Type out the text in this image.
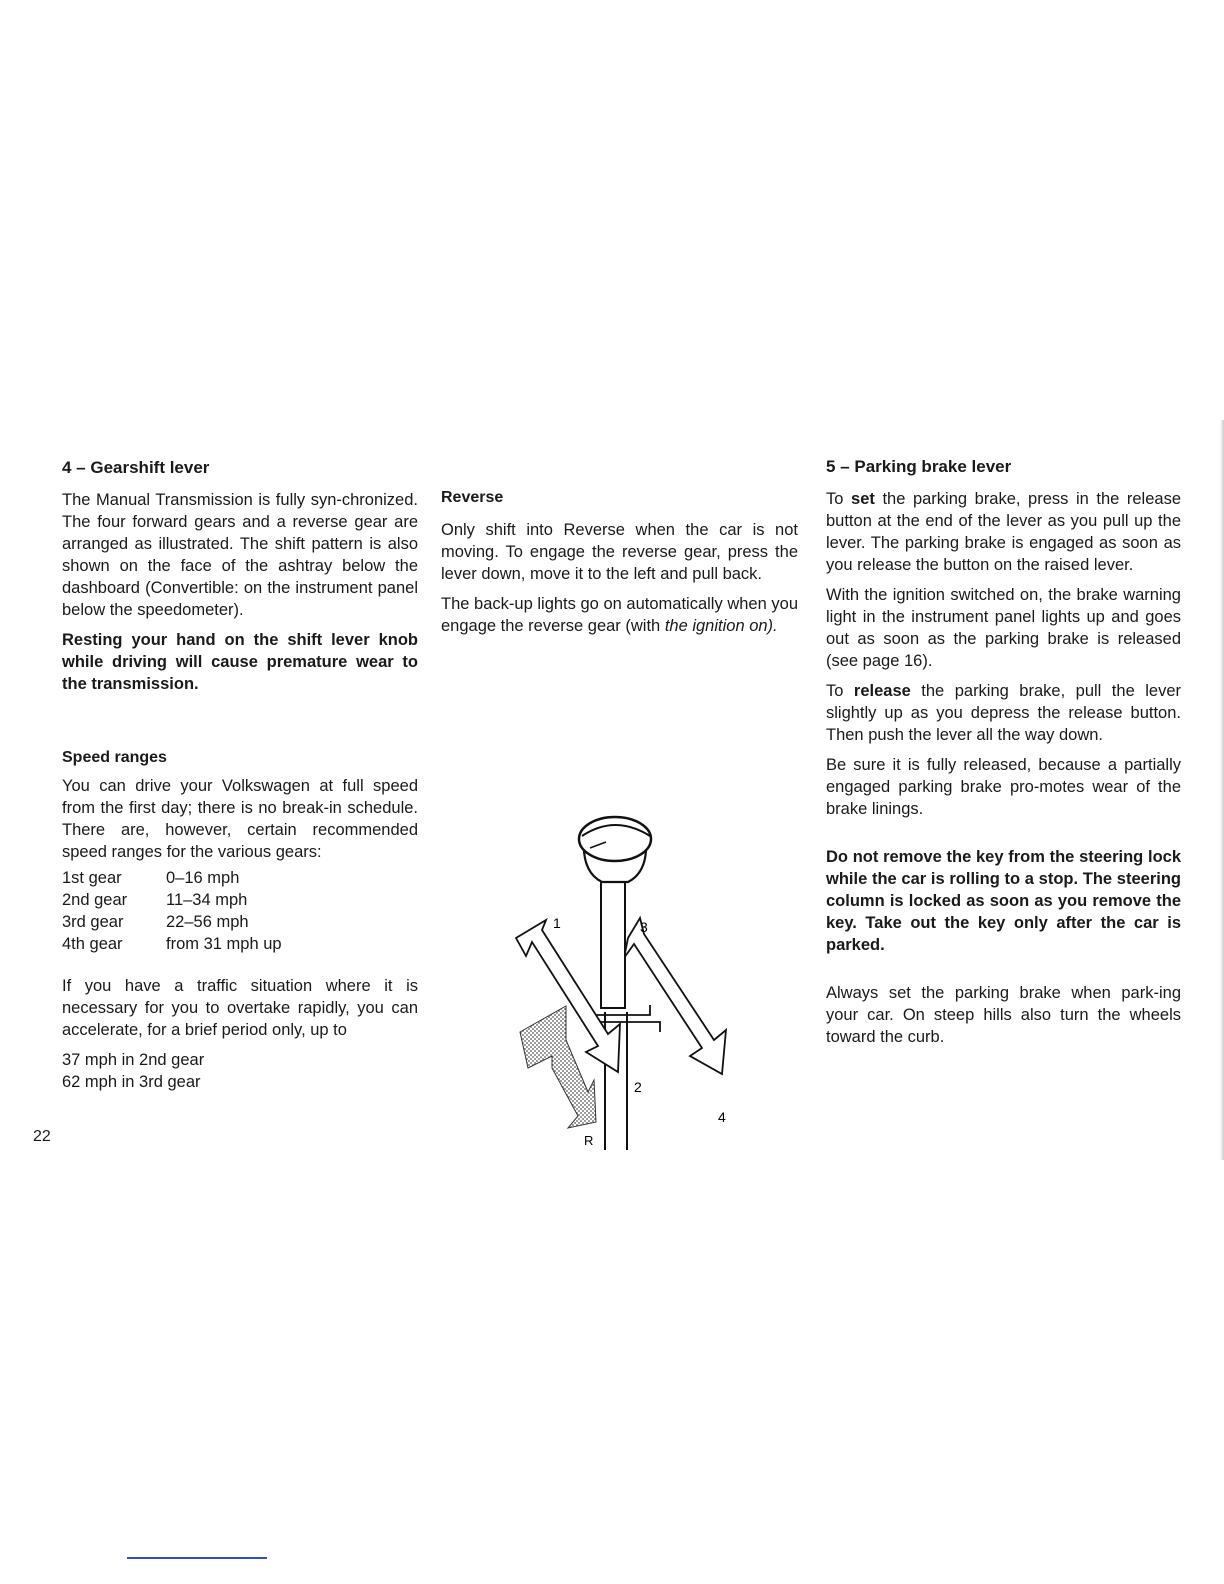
4 – Gearshift lever

The Manual Transmission is fully syn-chronized. The four forward gears and a reverse gear are arranged as illustrated. The shift pattern is also shown on the face of the ashtray below the dashboard (Convertible: on the instrument panel below the speedometer).

Resting your hand on the shift lever knob while driving will cause premature wear to the transmission.

Speed ranges

You can drive your Volkswagen at full speed from the first day; there is no break-in schedule. There are, however, certain recommended speed ranges for the various gears:

1st gear	0–16 mph
2nd gear	11–34 mph
3rd gear	22–56 mph
4th gear	from 31 mph up

If you have a traffic situation where it is necessary for you to overtake rapidly, you can accelerate, for a brief period only, up to

37 mph in 2nd gear
62 mph in 3rd gear
22
Reverse

Only shift into Reverse when the car is not moving. To engage the reverse gear, press the lever down, move it to the left and pull back.

The back-up lights go on automatically when you engage the reverse gear (with the ignition on).

1
2
3
4
R
5 – Parking brake lever

To set the parking brake, press in the release button at the end of the lever as you pull up the lever. The parking brake is engaged as soon as you release the button on the raised lever.

With the ignition switched on, the brake warning light in the instrument panel lights up and goes out as soon as the parking brake is released (see page 16).

To release the parking brake, pull the lever slightly up as you depress the release button. Then push the lever all the way down.

Be sure it is fully released, because a partially engaged parking brake pro-motes wear of the brake linings.

Do not remove the key from the steering lock while the car is rolling to a stop. The steering column is locked as soon as you remove the key. Take out the key only after the car is parked.

Always set the parking brake when park-ing your car. On steep hills also turn the wheels toward the curb.
